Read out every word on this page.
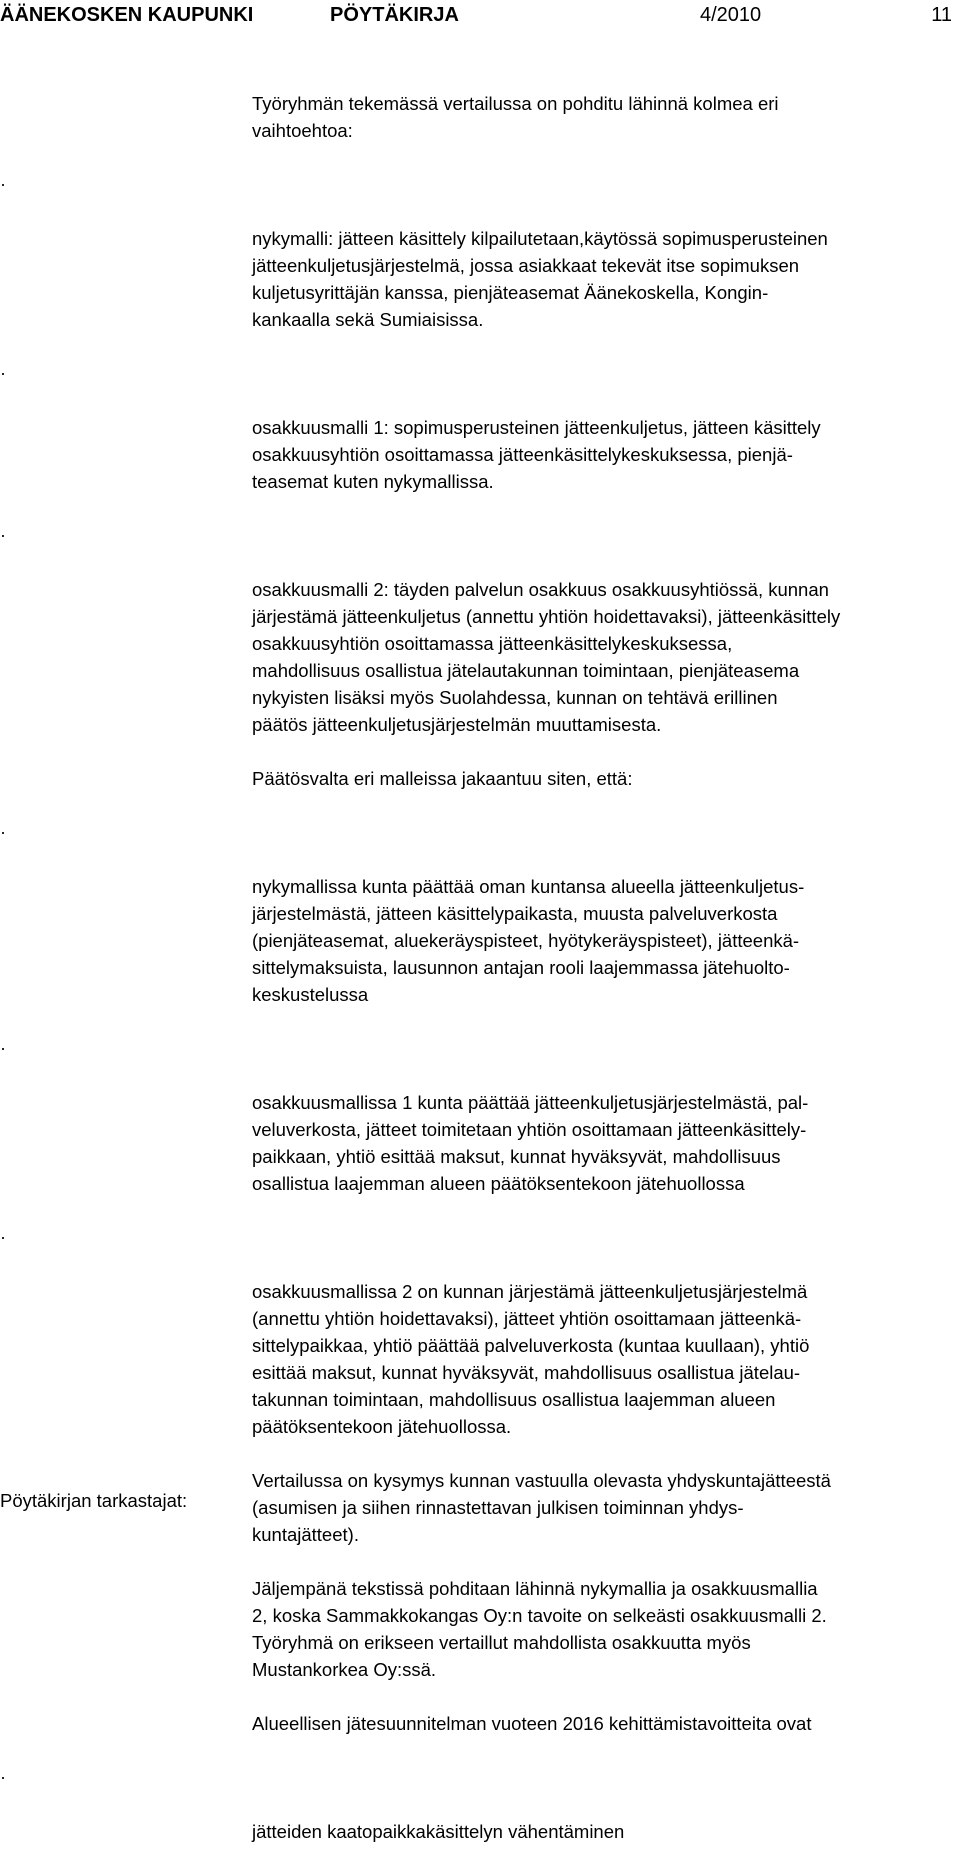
ÄÄNEKOSKEN KAUPUNKI	PÖYTÄKIRJA	4/2010	11

Työryhmän tekemässä vertailussa on pohditu lähinnä kolmea eri
vaihtoehtoa:

·

nykymalli: jätteen käsittely kilpailutetaan,käytössä sopimusperusteinen
jätteenkuljetusjärjestelmä, jossa asiakkaat tekevät itse sopimuksen
kuljetusyrittäjän kanssa, pienjäteasemat Äänekoskella, Kongin-
kankaalla sekä Sumiaisissa.

·

osakkuusmalli 1: sopimusperusteinen jätteenkuljetus, jätteen käsittely
osakkuusyhtiön osoittamassa jätteenkäsittelykeskuksessa, pienjä-
teasemat kuten nykymallissa.

·

osakkuusmalli 2: täyden palvelun osakkuus osakkuusyhtiössä, kunnan
järjestämä jätteenkuljetus (annettu yhtiön hoidettavaksi), jätteenkäsittely
osakkuusyhtiön osoittamassa jätteenkäsittelykeskuksessa,
mahdollisuus osallistua jätelautakunnan toimintaan, pienjäteasema
nykyisten lisäksi myös Suolahdessa, kunnan on tehtävä erillinen
päätös jätteenkuljetusjärjestelmän muuttamisesta.

Päätösvalta eri malleissa jakaantuu siten, että:

·

nykymallissa kunta päättää oman kuntansa alueella jätteenkuljetus-
järjestelmästä, jätteen käsittelypaikasta, muusta palveluverkosta
(pienjäteasemat, aluekeräyspisteet, hyötykeräyspisteet), jätteenkä-
sittelymaksuista, lausunnon antajan rooli laajemmassa jätehuolto-
keskustelussa

·

osakkuusmallissa 1 kunta päättää jätteenkuljetusjärjestelmästä, pal-
veluverkosta, jätteet toimitetaan yhtiön osoittamaan jätteenkäsittely-
paikkaan, yhtiö esittää maksut, kunnat hyväksyvät, mahdollisuus
osallistua laajemman alueen päätöksentekoon jätehuollossa

·

osakkuusmallissa 2 on kunnan järjestämä jätteenkuljetusjärjestelmä
(annettu yhtiön hoidettavaksi), jätteet yhtiön osoittamaan jätteenkä-
sittelypaikkaa, yhtiö päättää palveluverkosta (kuntaa kuullaan), yhtiö
esittää maksut, kunnat hyväksyvät, mahdollisuus osallistua jätelau-
takunnan toimintaan, mahdollisuus osallistua laajemman alueen
päätöksentekoon jätehuollossa.

Vertailussa on kysymys kunnan vastuulla olevasta yhdyskuntajätteestä
(asumisen ja siihen rinnastettavan julkisen toiminnan yhdys-
kuntajätteet).

Jäljempänä tekstissä pohditaan lähinnä nykymallia ja osakkuusmallia
2, koska Sammakkokangas Oy:n tavoite on selkeästi osakkuusmalli 2.
Työryhmä on erikseen vertaillut mahdollista osakkuutta myös
Mustankorkea Oy:ssä.

Alueellisen jätesuunnitelman vuoteen 2016 kehittämistavoitteita ovat

·

jätteiden kaatopaikkakäsittelyn vähentäminen

Pöytäkirjan tarkastajat:
